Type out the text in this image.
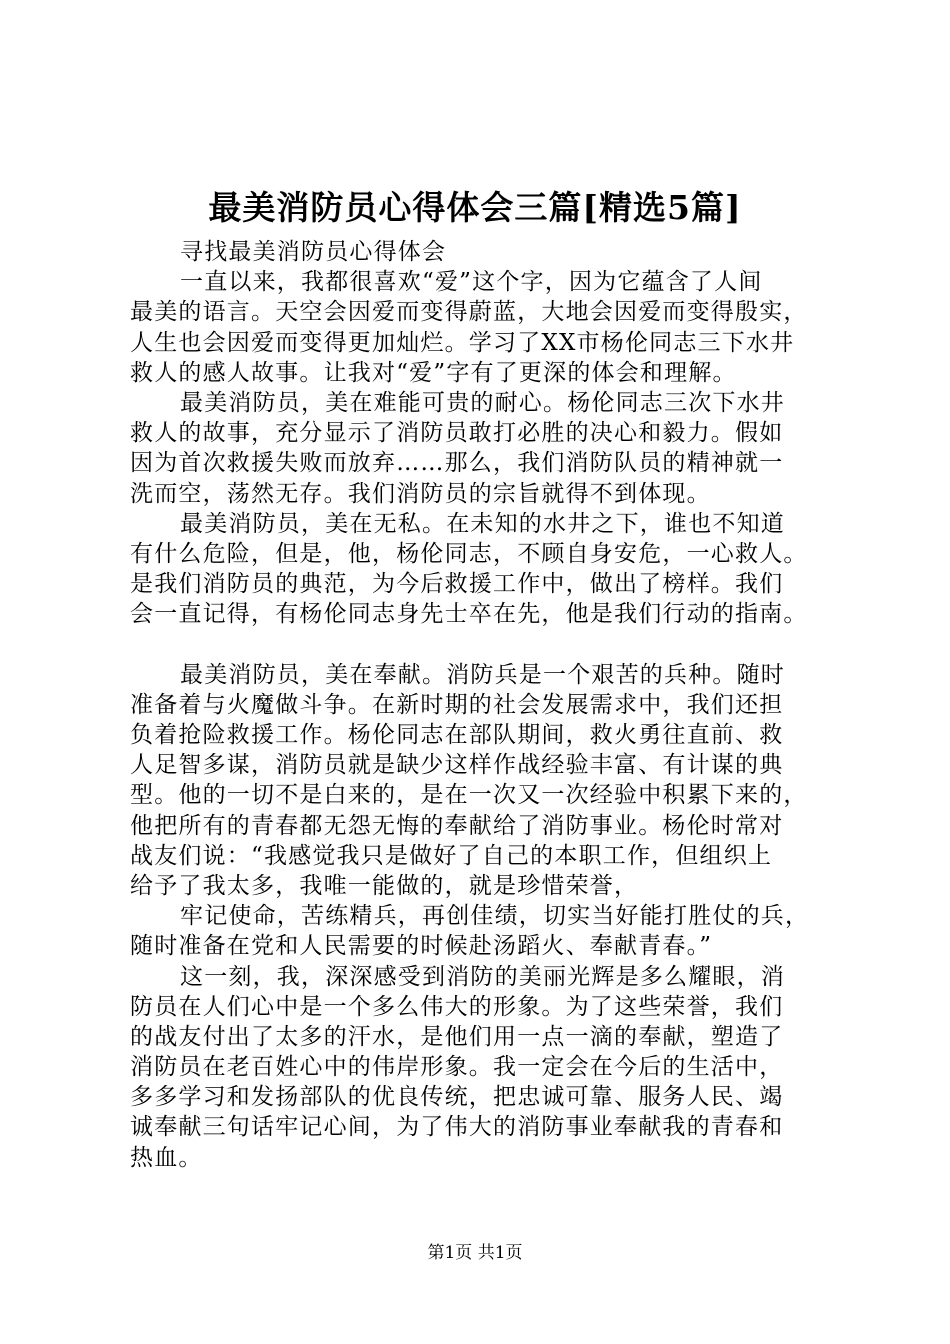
最美消防员心得体会三篇[精选5篇]
寻找最美消防员心得体会
一直以来，我都很喜欢“爱”这个字，因为它蕴含了人间
最美的语言。天空会因爱而变得蔚蓝，大地会因爱而变得殷实，
人生也会因爱而变得更加灿烂。学习了XX市杨伦同志三下水井
救人的感人故事。让我对“爱”字有了更深的体会和理解。
最美消防员，美在难能可贵的耐心。杨伦同志三次下水井
救人的故事，充分显示了消防员敢打必胜的决心和毅力。假如
因为首次救援失败而放弃……那么，我们消防队员的精神就一
洗而空，荡然无存。我们消防员的宗旨就得不到体现。
最美消防员，美在无私。在未知的水井之下，谁也不知道
有什么危险，但是，他，杨伦同志，不顾自身安危，一心救人。
是我们消防员的典范，为今后救援工作中，做出了榜样。我们
会一直记得，有杨伦同志身先士卒在先，他是我们行动的指南。
最美消防员，美在奉献。消防兵是一个艰苦的兵种。随时
准备着与火魔做斗争。在新时期的社会发展需求中，我们还担
负着抢险救援工作。杨伦同志在部队期间，救火勇往直前、救
人足智多谋，消防员就是缺少这样作战经验丰富、有计谋的典
型。他的一切不是白来的，是在一次又一次经验中积累下来的，
他把所有的青春都无怨无悔的奉献给了消防事业。杨伦时常对
战友们说：“我感觉我只是做好了自己的本职工作，但组织上
给予了我太多，我唯一能做的，就是珍惜荣誉，
牢记使命，苦练精兵，再创佳绩，切实当好能打胜仗的兵，
随时准备在党和人民需要的时候赴汤蹈火、奉献青春。”
这一刻，我，深深感受到消防的美丽光辉是多么耀眼，消
防员在人们心中是一个多么伟大的形象。为了这些荣誉，我们
的战友付出了太多的汗水，是他们用一点一滴的奉献，塑造了
消防员在老百姓心中的伟岸形象。我一定会在今后的生活中，
多多学习和发扬部队的优良传统，把忠诚可靠、服务人民、竭
诚奉献三句话牢记心间，为了伟大的消防事业奉献我的青春和
热血。
第1页 共1页
